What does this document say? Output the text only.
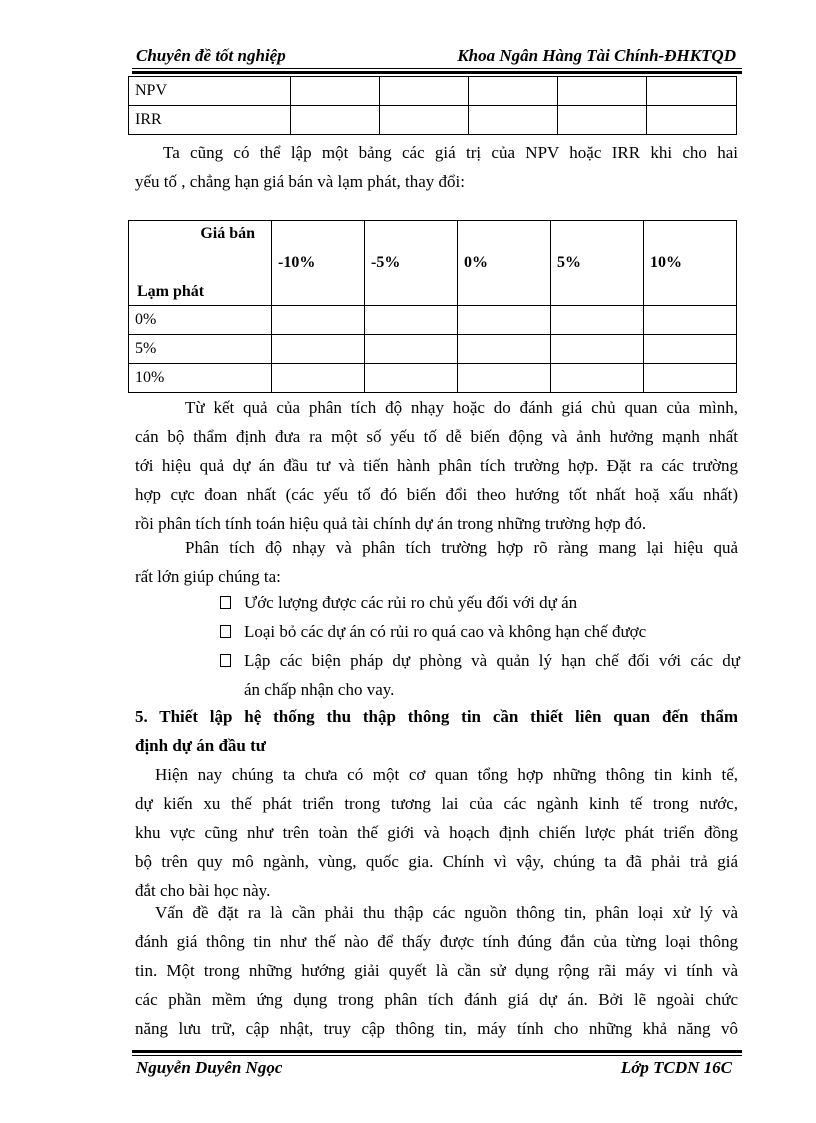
Chuyên đề tốt nghiệp	Khoa Ngân Hàng Tài Chính-ĐHKTQD
NPV					
IRR					
Ta cũng có thể lập một bảng các giá trị của NPV hoặc IRR khi cho hai
yếu tố , chẳng hạn giá bán và lạm phát, thay đổi:
Giá bán
Lạm phát	-10%	-5%	0%	5%	10%
0%					
5%					
10%					
Từ kết quả của phân tích độ nhạy hoặc do đánh giá chủ quan của mình,
cán bộ thẩm định đưa ra một số yếu tố dễ biến động và ảnh hưởng mạnh nhất
tới hiệu quả dự án đầu tư và tiến hành phân tích trường hợp. Đặt ra các trường
hợp cực đoan nhất (các yếu tố đó biến đổi theo hướng tốt nhất hoặ xấu nhất)
rồi phân tích tính toán hiệu quả tài chính dự án trong những trường hợp đó.
Phân tích độ nhạy và phân tích trường hợp rõ ràng mang lại hiệu quả
rất lớn giúp chúng ta:
Ước lượng được các rủi ro chủ yếu đối với dự án
Loại bỏ các dự án có rủi ro quá cao và không hạn chế được
Lập các biện pháp dự phòng và quản lý hạn chế đối với các dự
án chấp nhận cho vay.
5. Thiết lập hệ thống thu thập thông tin cần thiết liên quan đến thẩm
định dự án đầu tư
Hiện nay chúng ta chưa có một cơ quan tổng hợp những thông tin kinh tế,
dự kiến xu thế phát triển trong tương lai của các ngành kinh tế trong nước,
khu vực cũng như trên toàn thế giới và hoạch định chiến lược phát triển đồng
bộ trên quy mô ngành, vùng, quốc gia. Chính vì vậy, chúng ta đã phải trả giá
đắt cho bài học này.
Vấn đề đặt ra là cần phải thu thập các nguồn thông tin, phân loại xử lý và
đánh giá thông tin như thế nào để thấy được tính đúng đắn của từng loại thông
tin. Một trong những hướng giải quyết là cần sử dụng rộng rãi máy vi tính và
các phần mềm ứng dụng trong phân tích đánh giá dự án. Bởi lẽ ngoài chức
năng lưu trữ, cập nhật, truy cập thông tin, máy tính cho những khả năng vô
Nguyễn Duyên Ngọc	Lớp TCDN 16C
